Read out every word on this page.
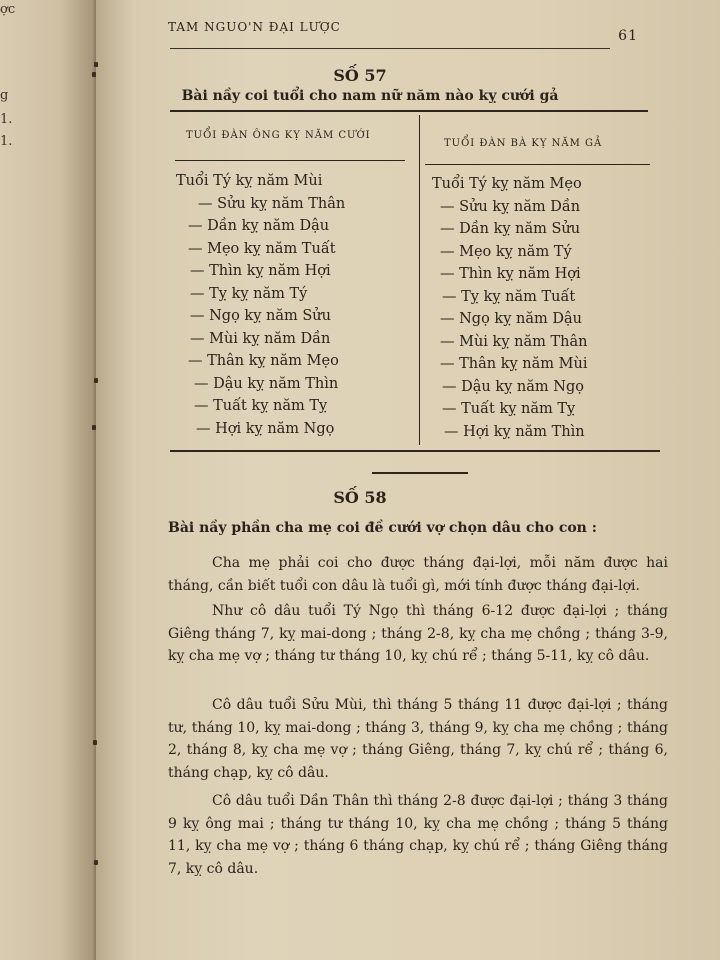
ợc
g
1.
1.
TAM NGUO'N ĐẠI LƯỢC
61
SỐ 57
Bài nầy coi tuổi cho nam nữ năm nào kỵ cưới gả
TUỔI ĐÀN ÔNG KỴ NĂM CƯỚI
TUỔI ĐÀN BÀ KỴ NĂM GẢ
Tuổi Tý kỵ năm Mùi
— Sửu kỵ năm Thân
— Dần kỵ năm Dậu
— Mẹo kỵ năm Tuất
— Thìn kỵ năm Hợi
— Tỵ kỵ năm Tý
— Ngọ kỵ năm Sửu
— Mùi kỵ năm Dần
— Thân kỵ năm Mẹo
— Dậu kỵ năm Thìn
— Tuất kỵ năm Tỵ
— Hợi kỵ năm Ngọ
Tuổi Tý kỵ năm Mẹo
— Sửu kỵ năm Dần
— Dần kỵ năm Sửu
— Mẹo kỵ năm Tý
— Thìn kỵ năm Hợi
— Tỵ kỵ năm Tuất
— Ngọ kỵ năm Dậu
— Mùi kỵ năm Thân
— Thân kỵ năm Mùi
— Dậu kỵ năm Ngọ
— Tuất kỵ năm Tỵ
— Hợi kỵ năm Thìn
SỐ 58
Bài nầy phần cha mẹ coi đề cưới vợ chọn dâu cho con :
Cha mẹ phải coi cho được tháng đại-lợi, mỗi năm được hai tháng, cần biết tuổi con dâu là tuổi gì, mới tính được tháng đại-lợi.
Như cô dâu tuổi Tý Ngọ thì tháng 6-12 được đại-lợi ; tháng Giêng tháng 7, kỵ mai-dong ; tháng 2-8, kỵ cha mẹ chồng ; tháng 3-9, kỵ cha mẹ vợ ; tháng tư tháng 10, kỵ chú rể ; tháng 5-11, kỵ cô dâu.
Cô dâu tuổi Sửu Mùi, thì tháng 5 tháng 11 được đại-lợi ; tháng tư, tháng 10, kỵ mai-dong ; tháng 3, tháng 9, kỵ cha mẹ chồng ; tháng 2, tháng 8, kỵ cha mẹ vợ ; tháng Giêng, tháng 7, kỵ chú rể ; tháng 6, tháng chạp, kỵ cô dâu.
Cô dâu tuổi Dần Thân thì tháng 2-8 được đại-lợi ; tháng 3 tháng 9 kỵ ông mai ; tháng tư tháng 10, kỵ cha mẹ chồng ; tháng 5 tháng 11, kỵ cha mẹ vợ ; tháng 6 tháng chạp, kỵ chú rể ; tháng Giêng tháng 7, kỵ cô dâu.
